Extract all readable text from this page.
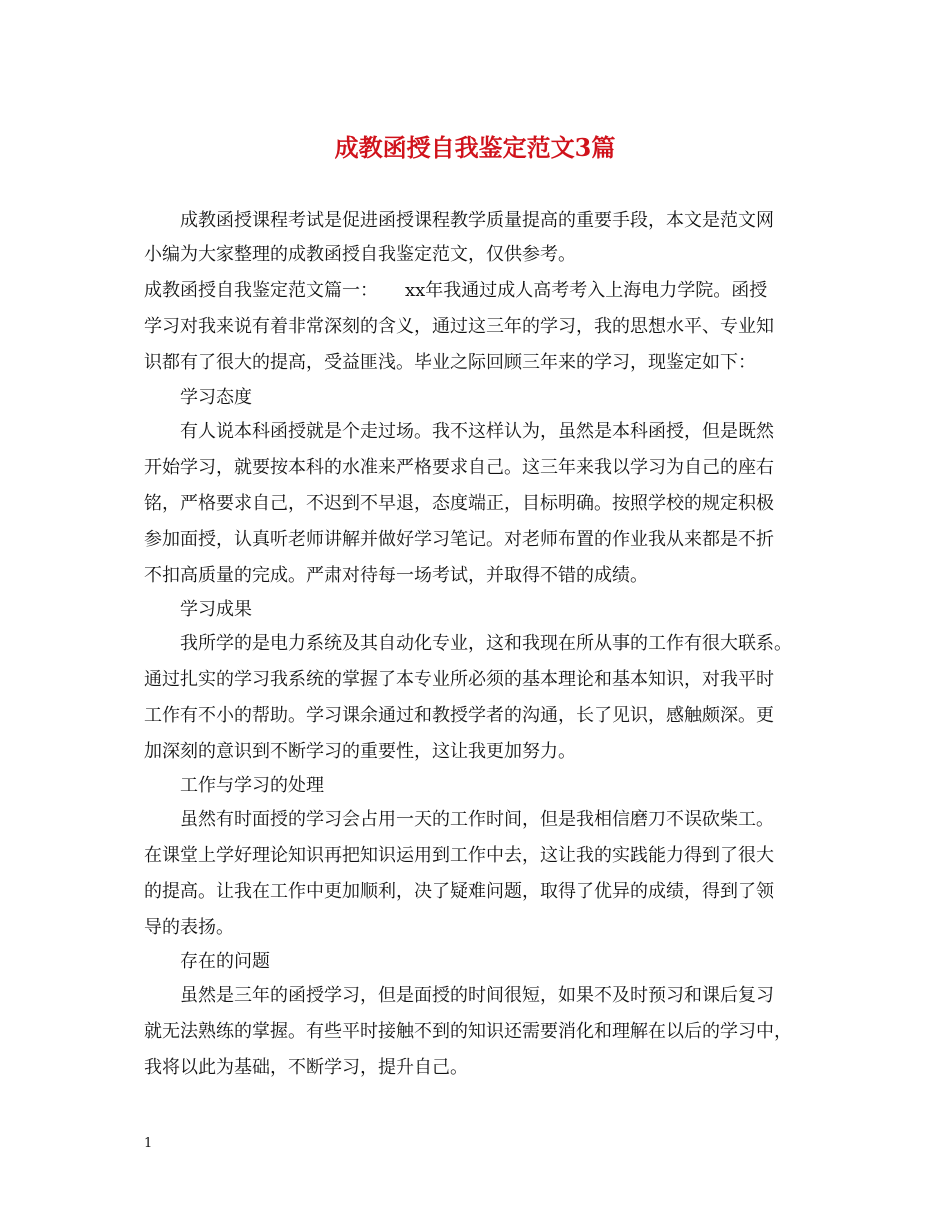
成教函授自我鉴定范文3篇

成教函授课程考试是促进函授课程教学质量提高的重要手段，本文是范文网

小编为大家整理的成教函授自我鉴定范文，仅供参考。

成教函授自我鉴定范文篇一：　　xx年我通过成人高考考入上海电力学院。函授

学习对我来说有着非常深刻的含义，通过这三年的学习，我的思想水平、专业知

识都有了很大的提高，受益匪浅。毕业之际回顾三年来的学习，现鉴定如下：

学习态度

有人说本科函授就是个走过场。我不这样认为，虽然是本科函授，但是既然

开始学习，就要按本科的水准来严格要求自己。这三年来我以学习为自己的座右

铭，严格要求自己，不迟到不早退，态度端正，目标明确。按照学校的规定积极

参加面授，认真听老师讲解并做好学习笔记。对老师布置的作业我从来都是不折

不扣高质量的完成。严肃对待每一场考试，并取得不错的成绩。

学习成果

我所学的是电力系统及其自动化专业，这和我现在所从事的工作有很大联系。

通过扎实的学习我系统的掌握了本专业所必须的基本理论和基本知识，对我平时

工作有不小的帮助。学习课余通过和教授学者的沟通，长了见识，感触颇深。更

加深刻的意识到不断学习的重要性，这让我更加努力。

工作与学习的处理

虽然有时面授的学习会占用一天的工作时间，但是我相信磨刀不误砍柴工。

在课堂上学好理论知识再把知识运用到工作中去，这让我的实践能力得到了很大

的提高。让我在工作中更加顺利，决了疑难问题，取得了优异的成绩，得到了领

导的表扬。

存在的问题

虽然是三年的函授学习，但是面授的时间很短，如果不及时预习和课后复习

就无法熟练的掌握。有些平时接触不到的知识还需要消化和理解在以后的学习中，

我将以此为基础，不断学习，提升自己。

1
